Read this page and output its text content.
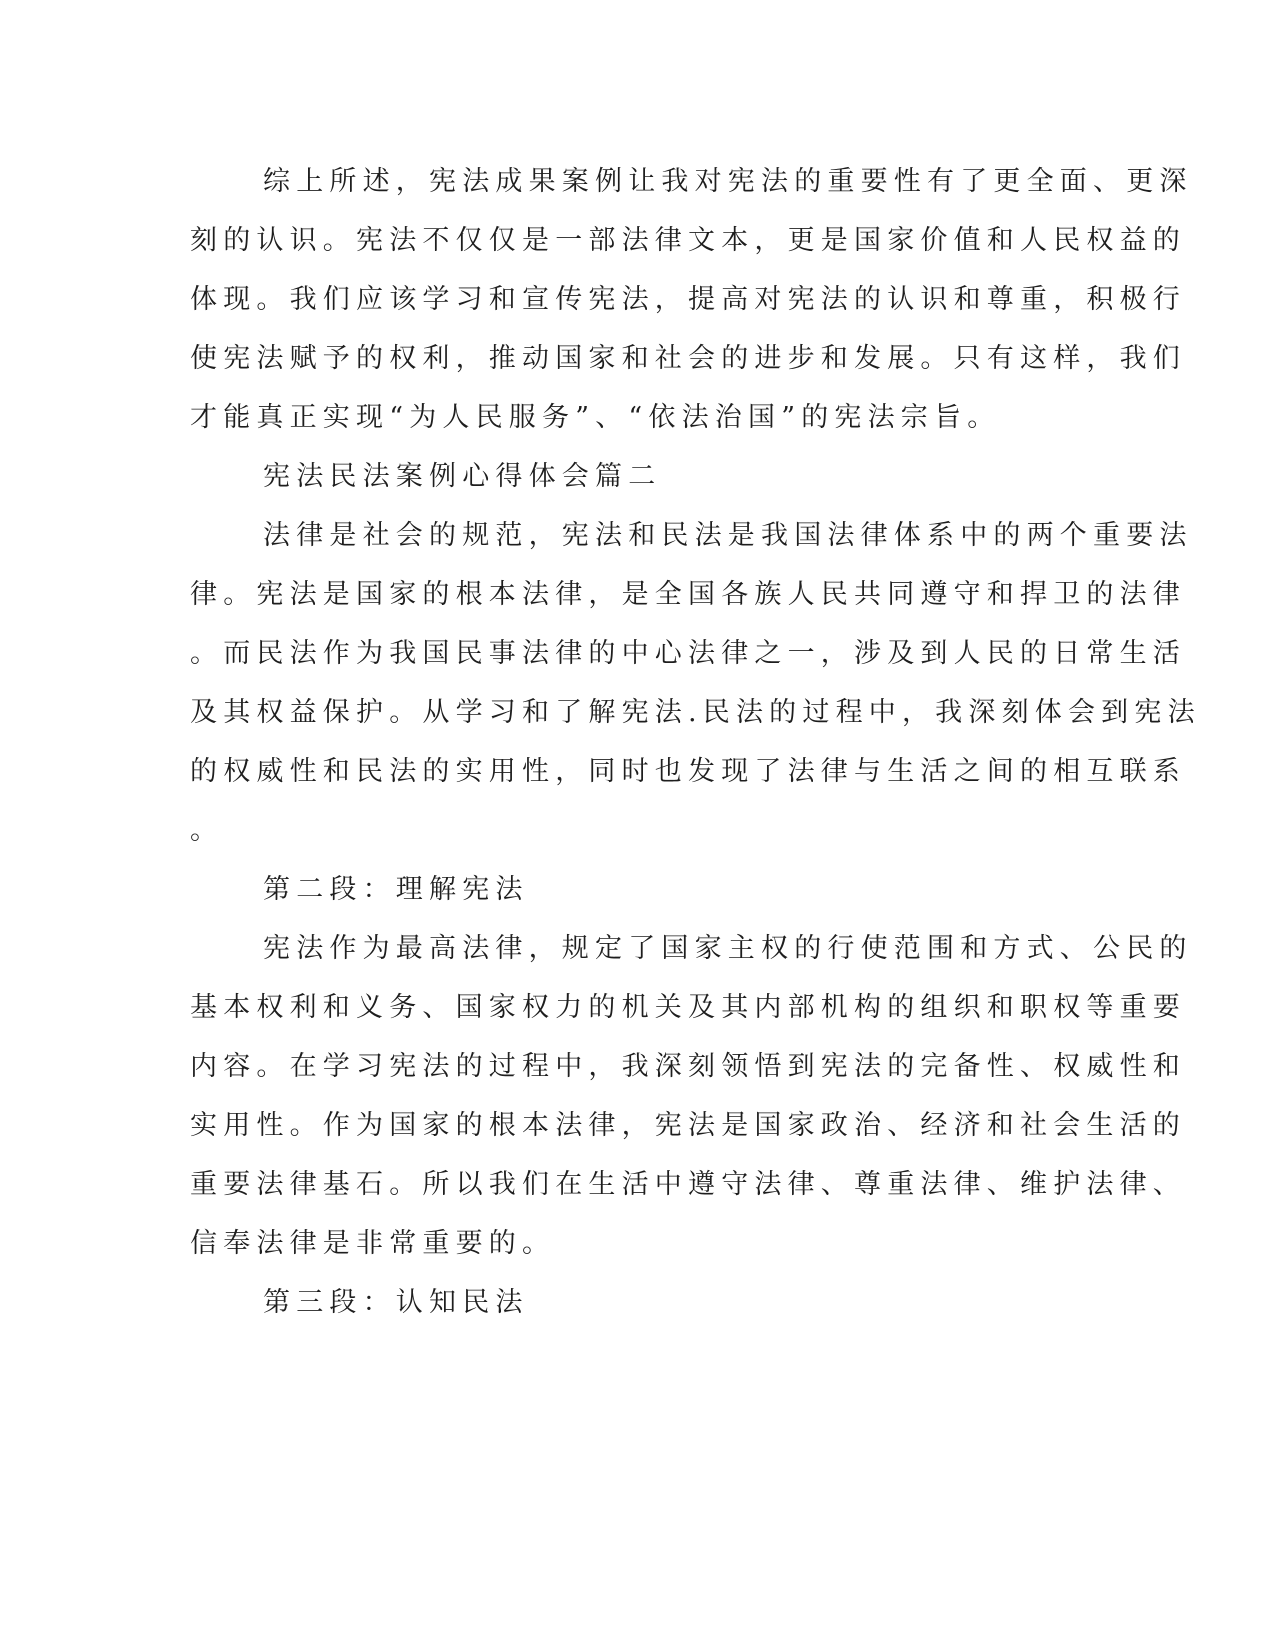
综上所述，宪法成果案例让我对宪法的重要性有了更全面、更深
刻的认识。宪法不仅仅是一部法律文本，更是国家价值和人民权益的
体现。我们应该学习和宣传宪法，提高对宪法的认识和尊重，积极行
使宪法赋予的权利，推动国家和社会的进步和发展。只有这样，我们
才能真正实现“为人民服务”、“依法治国”的宪法宗旨。
宪法民法案例心得体会篇二
法律是社会的规范，宪法和民法是我国法律体系中的两个重要法
律。宪法是国家的根本法律，是全国各族人民共同遵守和捍卫的法律
。而民法作为我国民事法律的中心法律之一，涉及到人民的日常生活
及其权益保护。从学习和了解宪法.民法的过程中，我深刻体会到宪法
的权威性和民法的实用性，同时也发现了法律与生活之间的相互联系
。
第二段：理解宪法
宪法作为最高法律，规定了国家主权的行使范围和方式、公民的
基本权利和义务、国家权力的机关及其内部机构的组织和职权等重要
内容。在学习宪法的过程中，我深刻领悟到宪法的完备性、权威性和
实用性。作为国家的根本法律，宪法是国家政治、经济和社会生活的
重要法律基石。所以我们在生活中遵守法律、尊重法律、维护法律、
信奉法律是非常重要的。
第三段：认知民法
